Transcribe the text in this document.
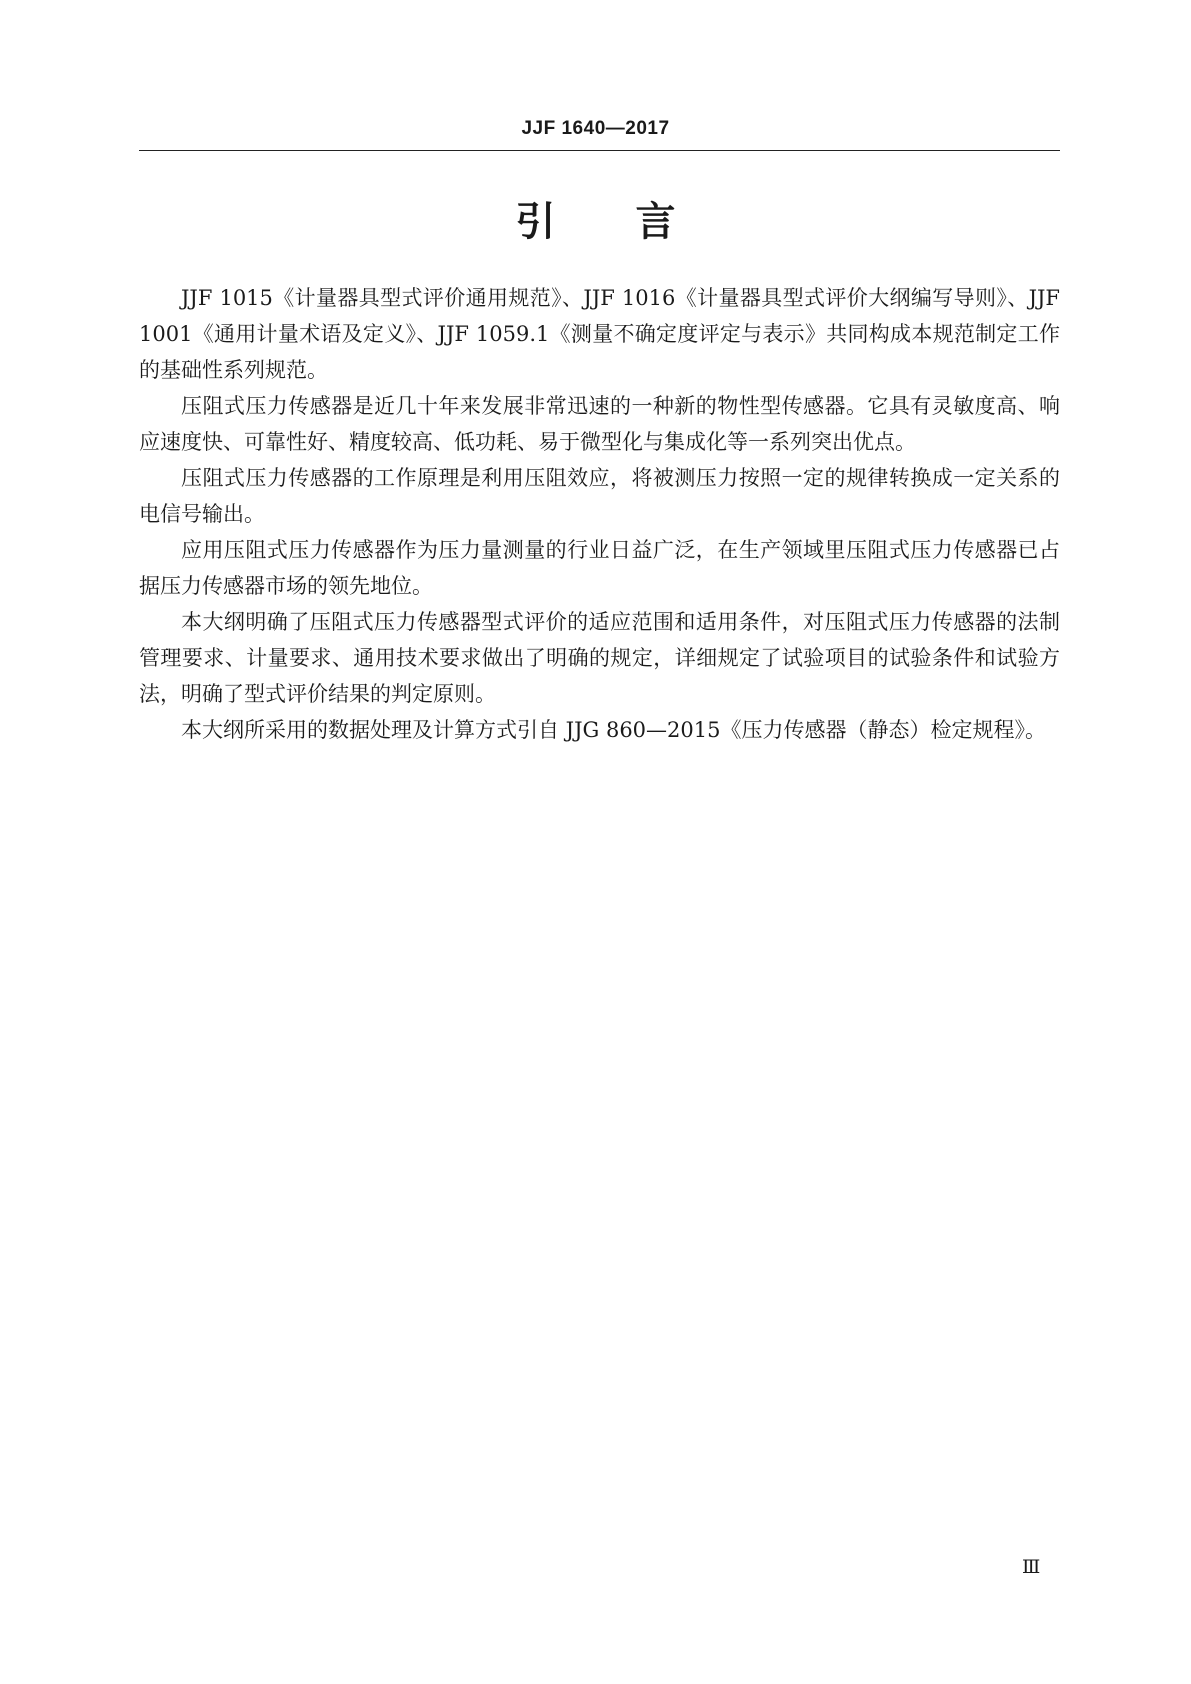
JJF 1640—2017
引　　言

JJF 1015《计量器具型式评价通用规范》、JJF 1016《计量器具型式评价大纲编写导则》、JJF 1001《通用计量术语及定义》、JJF 1059.1《测量不确定度评定与表示》共同构成本规范制定工作的基础性系列规范。

压阻式压力传感器是近几十年来发展非常迅速的一种新的物性型传感器。它具有灵敏度高、响应速度快、可靠性好、精度较高、低功耗、易于微型化与集成化等一系列突出优点。

压阻式压力传感器的工作原理是利用压阻效应，将被测压力按照一定的规律转换成一定关系的电信号输出。

应用压阻式压力传感器作为压力量测量的行业日益广泛，在生产领域里压阻式压力传感器已占据压力传感器市场的领先地位。

本大纲明确了压阻式压力传感器型式评价的适应范围和适用条件，对压阻式压力传感器的法制管理要求、计量要求、通用技术要求做出了明确的规定，详细规定了试验项目的试验条件和试验方法，明确了型式评价结果的判定原则。

本大纲所采用的数据处理及计算方式引自 JJG 860—2015《压力传感器（静态）检定规程》。

Ⅲ
